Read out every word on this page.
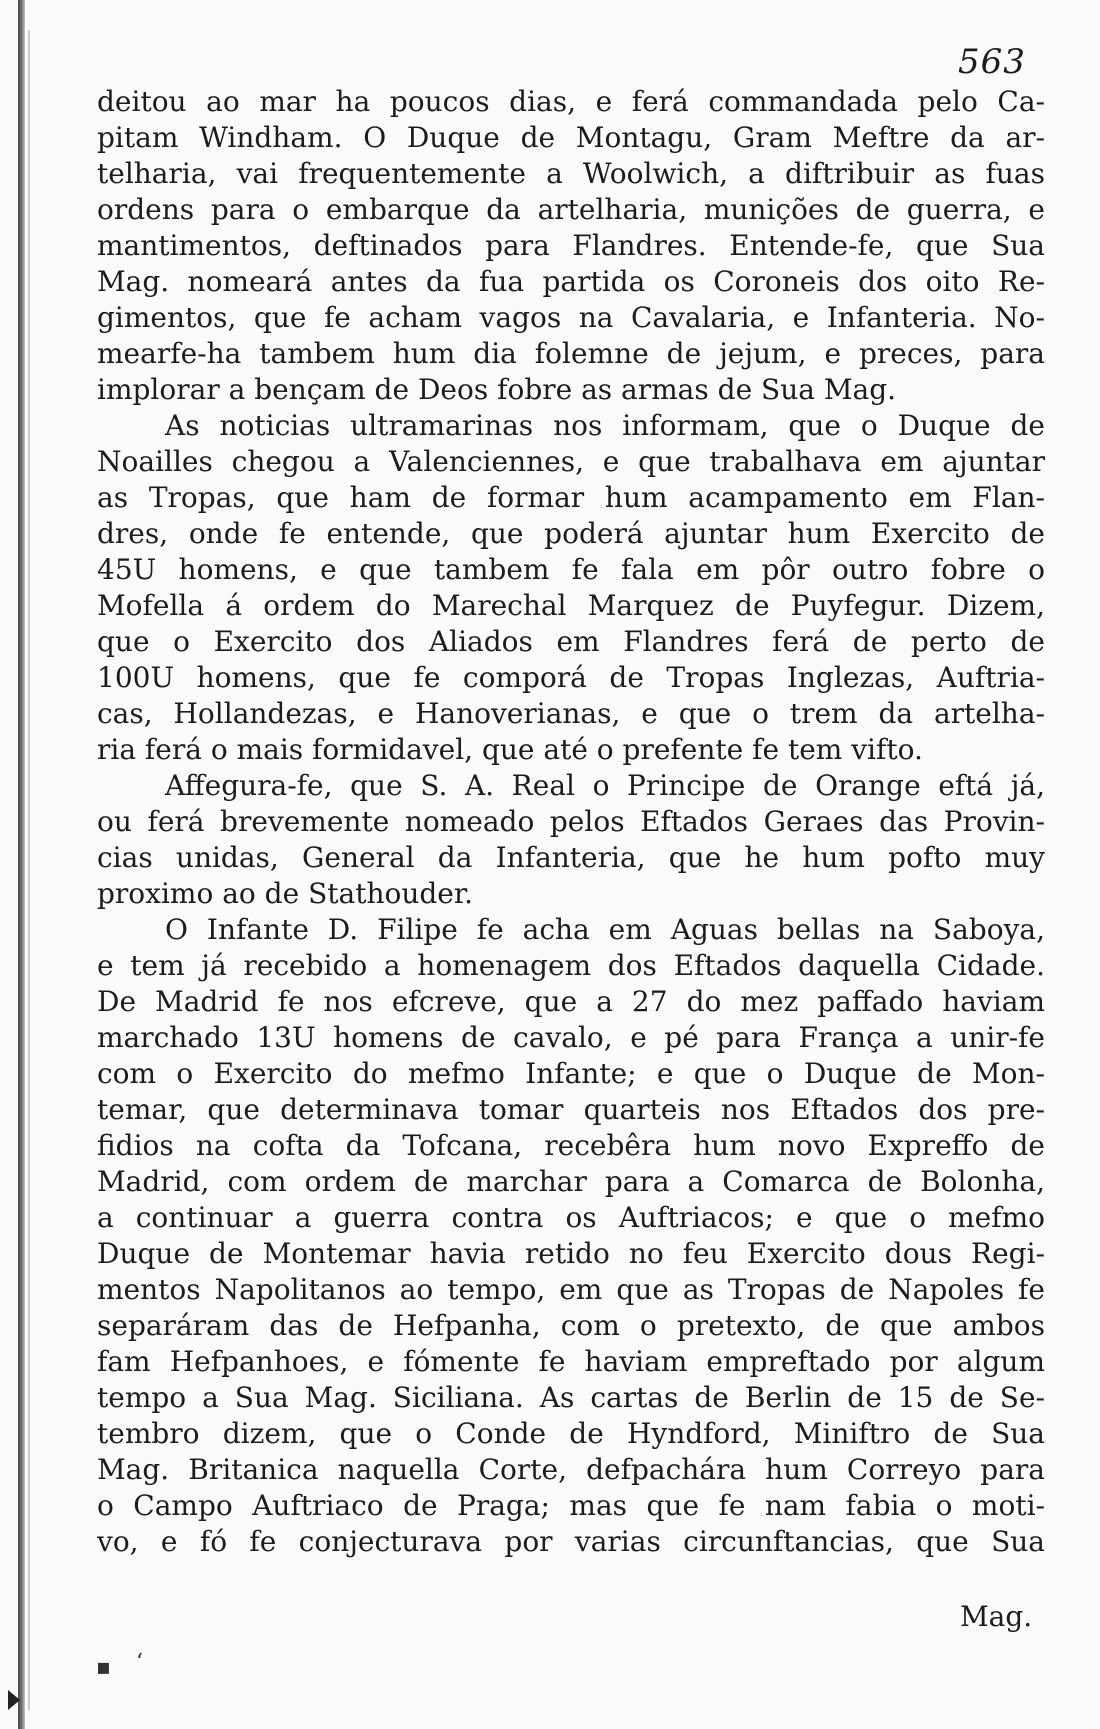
563
deitou ao mar ha poucos dias, e ferá commandada pelo Ca-
pitam Windham. O Duque de Montagu, Gram Meftre da ar-
telharia, vai frequentemente a Woolwich, a diftribuir as fuas
ordens para o embarque da artelharia, munições de guerra, e
mantimentos, deftinados para Flandres. Entende-fe, que Sua
Mag. nomeará antes da fua partida os Coroneis dos oito Re-
gimentos, que fe acham vagos na Cavalaria, e Infanteria. No-
mearfe-ha tambem hum dia folemne de jejum, e preces, para
implorar a bençam de Deos fobre as armas de Sua Mag.
As noticias ultramarinas nos informam, que o Duque de
Noailles chegou a Valenciennes, e que trabalhava em ajuntar
as Tropas, que ham de formar hum acampamento em Flan-
dres, onde fe entende, que poderá ajuntar hum Exercito de
45U homens, e que tambem fe fala em pôr outro fobre o
Mofella á ordem do Marechal Marquez de Puyfegur. Dizem,
que o Exercito dos Aliados em Flandres ferá de perto de
100U homens, que fe comporá de Tropas Inglezas, Auftria-
cas, Hollandezas, e Hanoverianas, e que o trem da artelha-
ria ferá o mais formidavel, que até o prefente fe tem vifto.
Affegura-fe, que S. A. Real o Principe de Orange eftá já,
ou ferá brevemente nomeado pelos Eftados Geraes das Provin-
cias unidas, General da Infanteria, que he hum pofto muy
proximo ao de Stathouder.
O Infante D. Filipe fe acha em Aguas bellas na Saboya,
e tem já recebido a homenagem dos Eftados daquella Cidade.
De Madrid fe nos efcreve, que a 27 do mez paffado haviam
marchado 13U homens de cavalo, e pé para França a unir-fe
com o Exercito do mefmo Infante; e que o Duque de Mon-
temar, que determinava tomar quarteis nos Eftados dos pre-
fidios na cofta da Tofcana, recebêra hum novo Expreffo de
Madrid, com ordem de marchar para a Comarca de Bolonha,
a continuar a guerra contra os Auftriacos; e que o mefmo
Duque de Montemar havia retido no feu Exercito dous Regi-
mentos Napolitanos ao tempo, em que as Tropas de Napoles fe
separáram das de Hefpanha, com o pretexto, de que ambos
fam Hefpanhoes, e fómente fe haviam empreftado por algum
tempo a Sua Mag. Siciliana. As cartas de Berlin de 15 de Se-
tembro dizem, que o Conde de Hyndford, Miniftro de Sua
Mag. Britanica naquella Corte, defpachára hum Correyo para
o Campo Auftriaco de Praga; mas que fe nam fabia o moti-
vo, e fó fe conjecturava por varias circunftancias, que Sua
Mag.
▪ ʻ
